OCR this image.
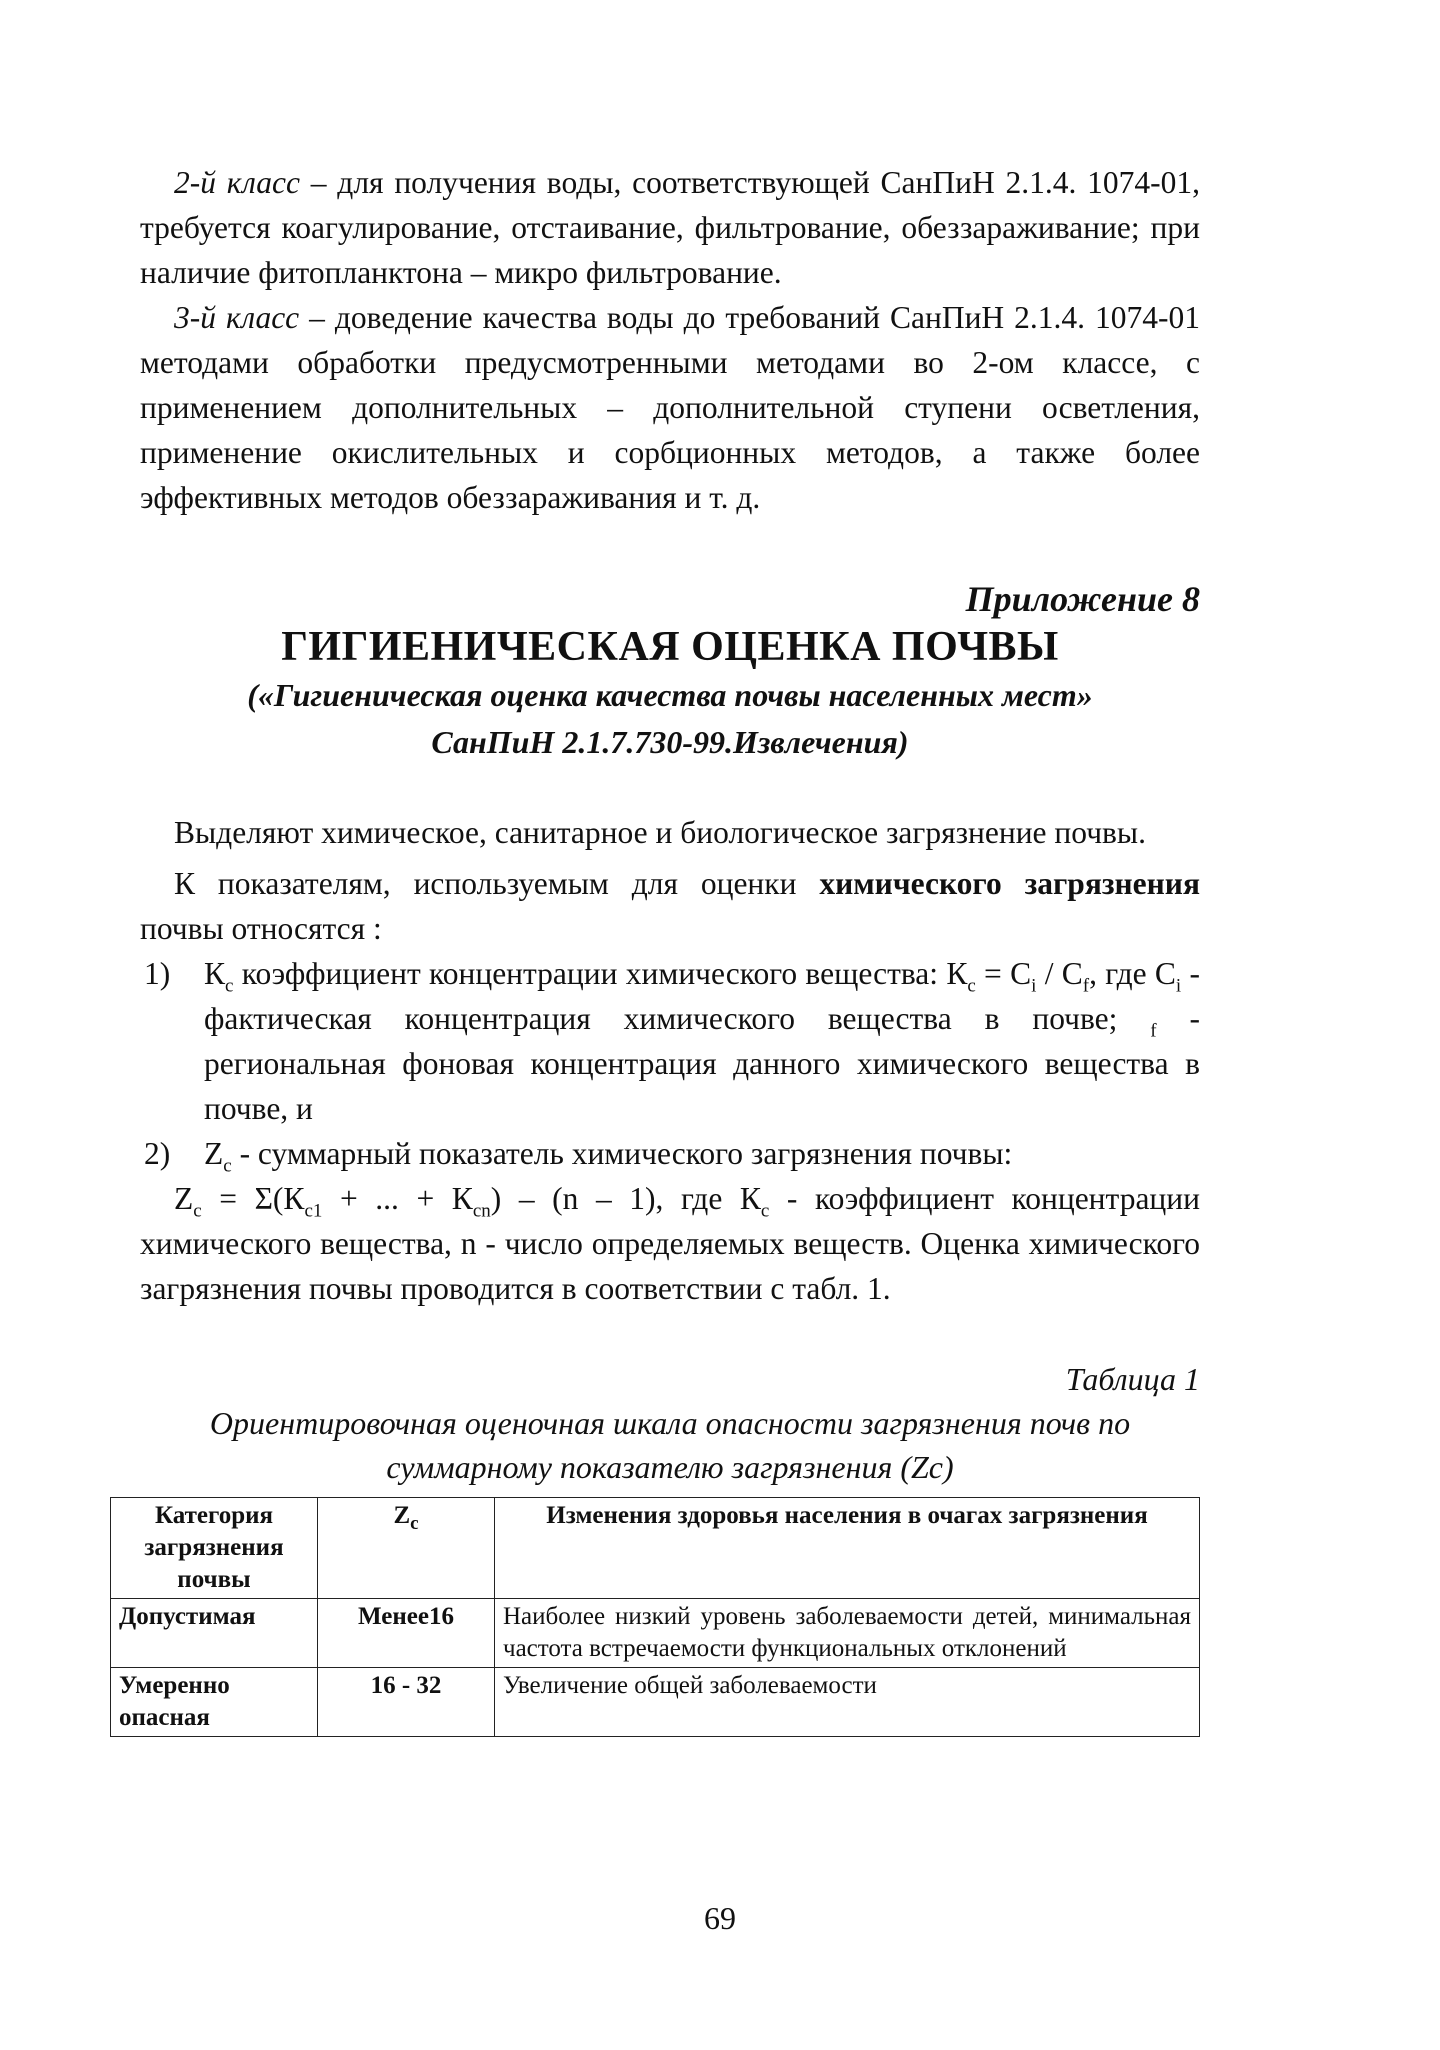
2-й класс – для получения воды, соответствующей СанПиН 2.1.4. 1074-01, требуется коагулирование, отстаивание, фильтрование, обеззараживание; при наличие фитопланктона – микро фильтрование.

3-й класс – доведение качества воды до требований СанПиН 2.1.4. 1074-01 методами обработки предусмотренными методами во 2-ом классе, с применением дополнительных – дополнительной ступени осветления, применение окислительных и сорбционных методов, а также более эффективных методов обеззараживания и т. д.

Приложение 8

ГИГИЕНИЧЕСКАЯ ОЦЕНКА ПОЧВЫ

(«Гигиеническая оценка качества почвы населенных мест»

СанПиН 2.1.7.730-99.Извлечения)

Выделяют химическое, санитарное и биологическое загрязнение почвы.

К показателям, используемым для оценки химического загрязнения почвы относятся :

1)	$К_с$ коэффициент концентрации химического вещества: $К_с = С_i / С_f$, где $С_i$ - фактическая концентрация химического вещества в почве; $_f$ - региональная фоновая концентрация данного химического вещества в почве, и
2)	$Z_с$ - суммарный показатель химического загрязнения почвы:

$Z_с = \Sigma(К_{c1}$ + ... + $К_{cn}) - (n - 1)$, где $К_с$ - коэффициент концентрации химического вещества, n - число определяемых веществ. Оценка химического загрязнения почвы проводится в соответствии с табл. 1.

Таблица 1

Ориентировочная оценочная шкала опасности загрязнения почв по

суммарному показателю загрязнения (Zc)

Категория загрязнения почвы	$Z_с$	Изменения здоровья населения в очагах загрязнения
Допустимая	Менее16	Наиболее низкий уровень заболеваемости детей, минимальная частота встречаемости функциональных отклонений
Умеренно опасная	16 - 32	Увеличение общей заболеваемости
69
